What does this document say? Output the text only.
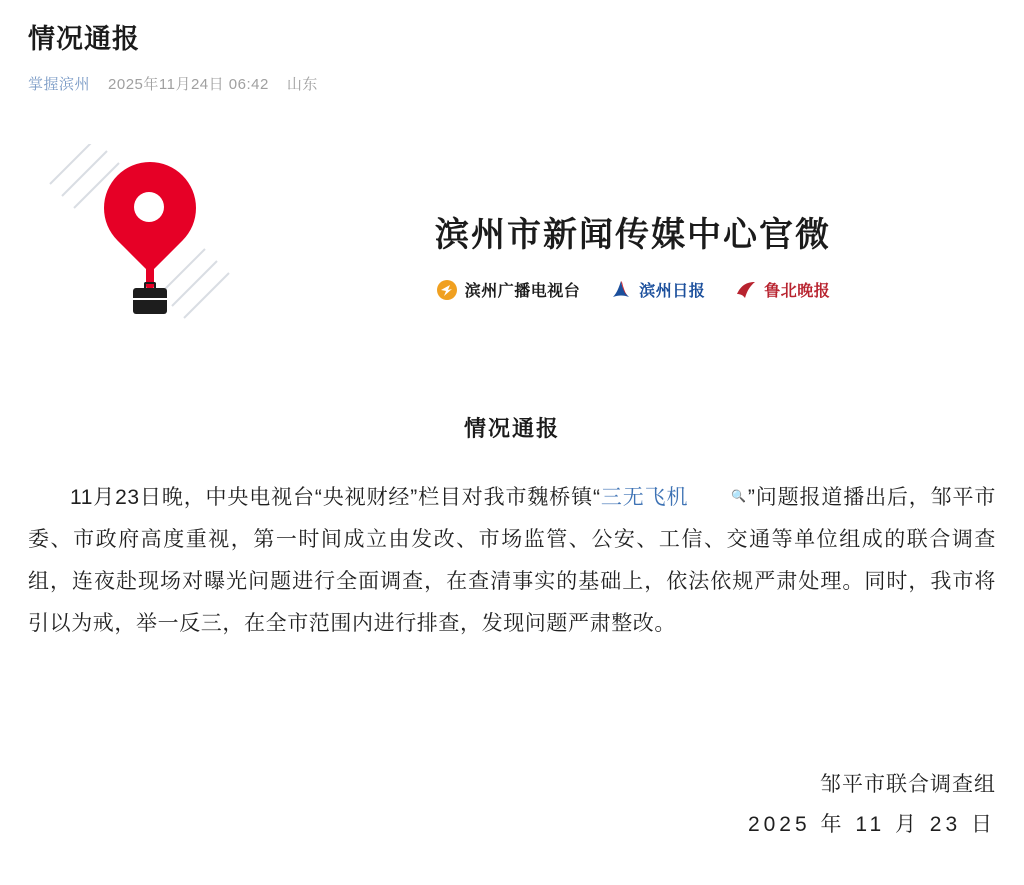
情况通报
掌握滨州 2025年11月24日 06:42 山东
滨州市新闻传媒中心官微
滨州广播电视台	滨州日报	鲁北晚报
情况通报

11月23日晚，中央电视台“央视财经”栏目对我市魏桥镇“三无飞机	🔍”问题报道播出后，邹平市委、市政府高度重视，第一时间成立由发改、市场监管、公安、工信、交通等单位组成的联合调查组，连夜赴现场对曝光问题进行全面调查，在查清事实的基础上，依法依规严肃处理。同时，我市将引以为戒，举一反三，在全市范围内进行排查，发现问题严肃整改。

邹平市联合调查组
2025 年 11 月 23 日
